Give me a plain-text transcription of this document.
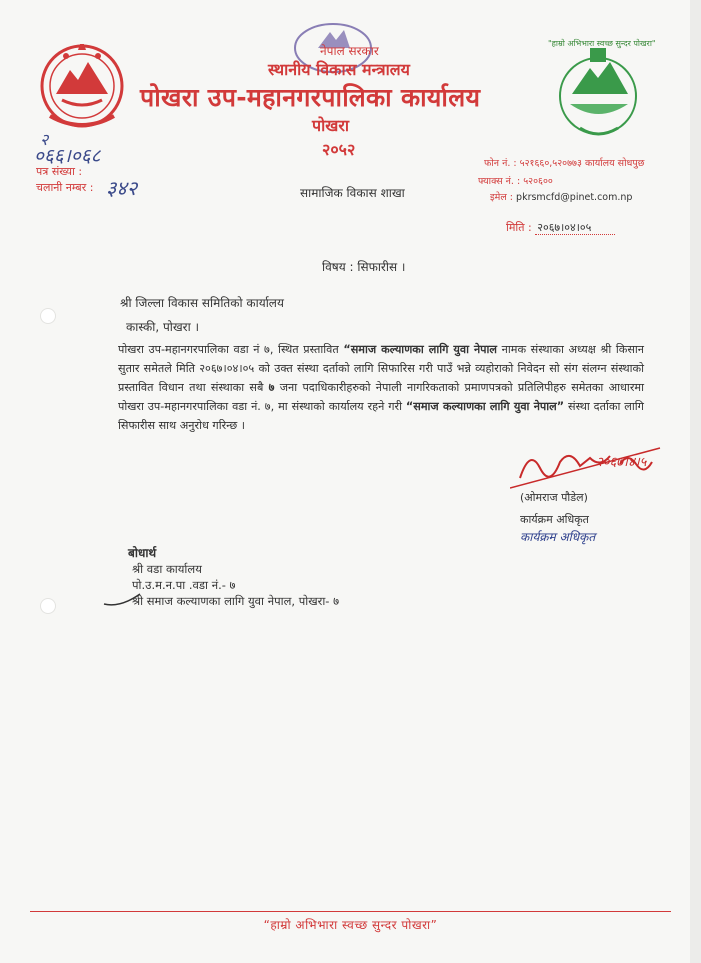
"हाम्रो अभिभारा स्वच्छ सुन्दर पोखरा"
नेपाल सरकार
स्थानीय विकास मन्त्रालय
पोखरा उप-महानगरपालिका कार्यालय
पोखरा
२०५२
२
०६६।०६८
पत्र संख्या :
चलानी नम्बर : ३४२	सामाजिक विकास शाखा
फोन नं. : ५२१६६०,५२०७७३ कार्यालय सोधपुछ
फ्याक्स नं. : ५२०६००
इमेल : pkrsmcfd@pinet.com.np
मिति : २०६७।०४।०५
विषय : सिफारीस ।
श्री जिल्ला विकास समितिको कार्यालय
कास्की, पोखरा ।
पोखरा उप-महानगरपालिका वडा नं ७, स्थित प्रस्तावित “समाज कल्याणका लागि युवा नेपाल नामक संस्थाका अध्यक्ष श्री किसान सुतार समेतले मिति २०६७।०४।०५ को उक्त संस्था दर्ताको लागि सिफारिस गरी पाउँ भन्ने व्यहोराको निवेदन सो संग संलग्न संस्थाको प्रस्तावित विधान तथा संस्थाका सबै ७ जना पदाधिकारीहरुको नेपाली नागरिकताको प्रमाणपत्रको प्रतिलिपीहरु समेतका आधारमा पोखरा उप-महानगरपालिका वडा नं. ७, मा संस्थाको कार्यालय रहने गरी “समाज कल्याणका लागि युवा नेपाल” संस्था दर्ताका लागि सिफारीस साथ अनुरोध गरिन्छ ।
२०६७।४।५
(ओमराज पौडेल)
कार्यक्रम अधिकृत
कार्यक्रम अधिकृत
बोधार्थ
श्री वडा कार्यालय
पो.उ.म.न.पा .वडा नं.- ७
श्री समाज कल्याणका लागि युवा नेपाल, पोखरा- ७
“हाम्रो अभिभारा स्वच्छ सुन्दर पोखरा”
